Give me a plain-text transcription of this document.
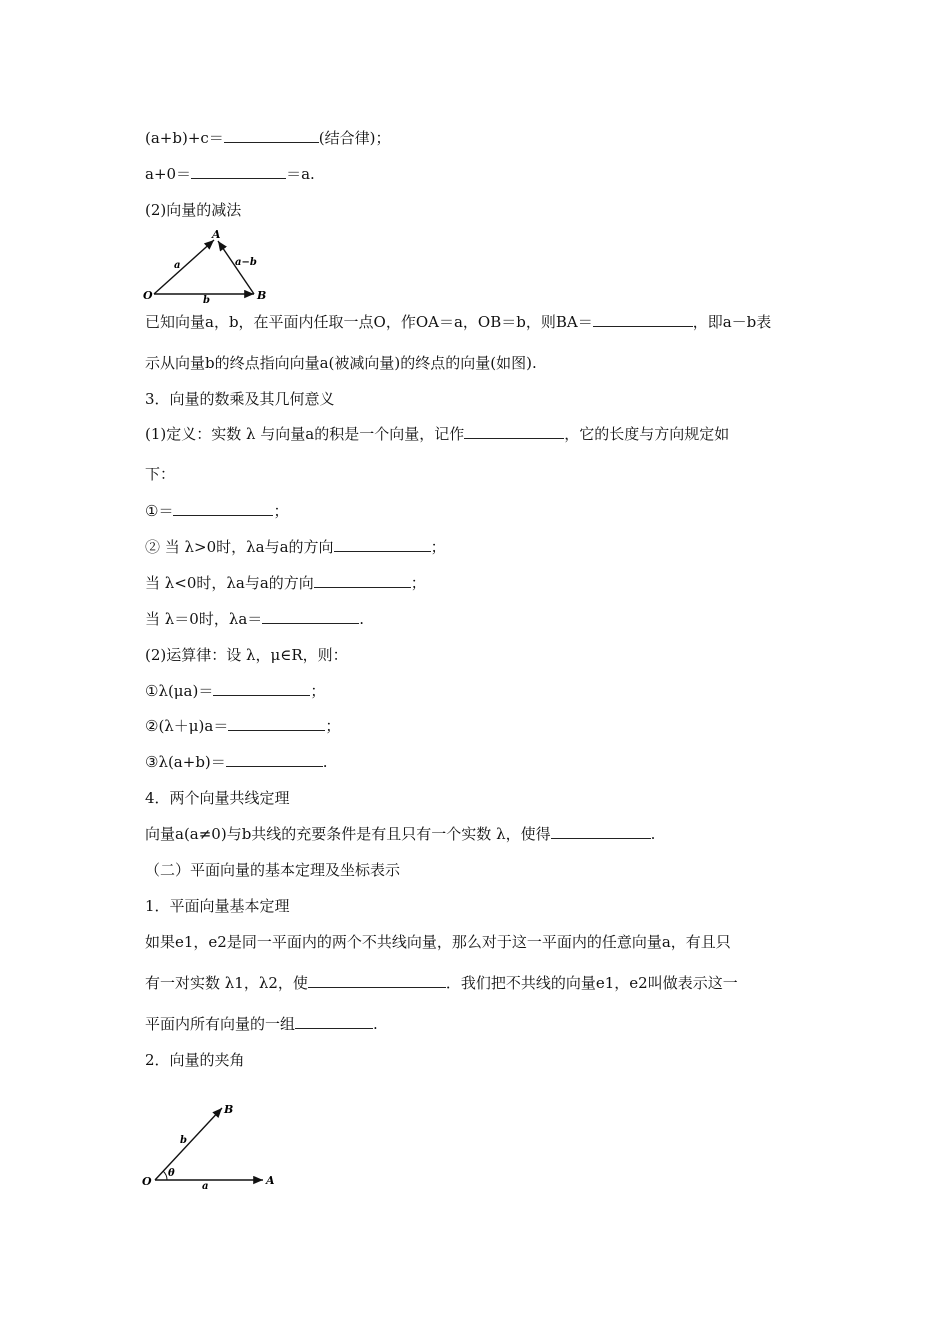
(a+b)+c＝	(结合律)；
a+0＝	＝a.
(2)向量的减法
O
A
B
a
b
a−b
已知向量a，b，在平面内任取一点O，作OA＝a，OB＝b，则BA＝	，即a－b表
示从向量b的终点指向向量a(被减向量)的终点的向量(如图).
3．向量的数乘及其几何意义
(1)定义：实数 λ 与向量a的积是一个向量，记作	，它的长度与方向规定如
下：
①＝	；
② 当 λ>0时，λa与a的方向	；
当 λ<0时，λa与a的方向	；
当 λ＝0时，λa＝	.
(2)运算律：设 λ，μ∈R，则：
①λ(μa)＝	；
②(λ＋μ)a＝	；
③λ(a+b)＝	.
4．两个向量共线定理
向量a(a≠0)与b共线的充要条件是有且只有一个实数 λ，使得	.
（二）平面向量的基本定理及坐标表示
1．平面向量基本定理
如果e1，e2是同一平面内的两个不共线向量，那么对于这一平面内的任意向量a，有且只
有一对实数 λ1，λ2，使	．我们把不共线的向量e1，e2叫做表示这一
平面内所有向量的一组	.
2．向量的夹角
O	A
B
b
a
θ
